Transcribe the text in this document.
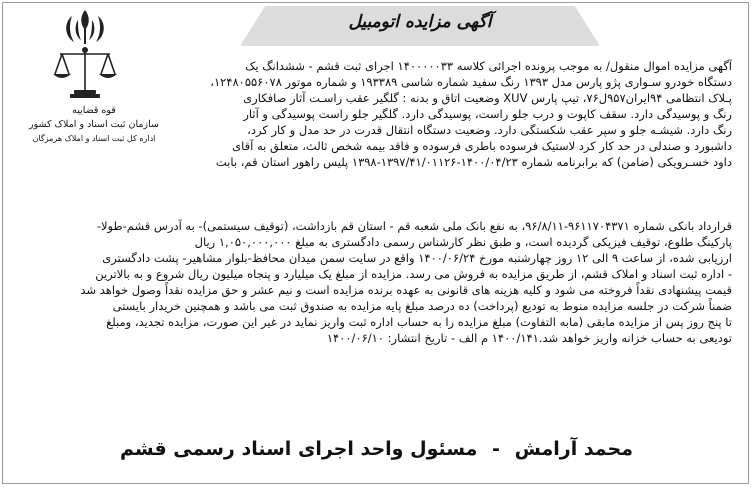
آگهی مزایده اتومبیل
قوه قضاییه
سازمان ثبت اسناد و املاک کشور
اداره کل ثبت اسناد و املاک هرمزگان
آگهی مزایده اموال منقول/ به موجب پرونده اجرائی کلاسه ۱۴۰۰۰۰۰۳۳ اجرای ثبت قشم - ششدانگ یک
دستگاه خودرو سـواری پژو پارس مدل ۱۳۹۳ رنگ سفید شماره شاسی ۱۹۳۳۸۹ و شماره موتور ۱۲۴۸۰۵۵۶۰۷۸،
پـلاک انتظامی ۹۴ایران۹۵۷ل۷۶، تیپ پارس XUV وضعیت اتاق و بدنه : گلگیر عقب راسـت آثار صافکاری
رنگ و پوسیدگی دارد. سقف کاپوت و درب جلو راست، پوسیدگی دارد. گلگیر جلو راست پوسیدگی و آثار
رنگ دارد. شیشـه جلو و سپر عقب شکستگی دارد. وضعیت دستگاه انتقال قدرت در حد مدل و کار کرد،
داشبورد و صندلی در حد کار کرد لاستیک فرسوده باطری فرسوده و فاقد بیمه شخص ثالث، متعلق به آقای
داود خسـرویکی (ضامن) که برابرنامه شماره ۱۴۰۰/۰۴/۲۳-۱۳۹۷/۴۱/۰۱۱۲۶-۱۳۹۸ پلیس راهور استان قم، بابت
قرارداد بانکی شماره ۹۶۱۱۷۰۴۳۷۱-۹۶/۸/۱۱، به نفع بانک ملی شعبه قم - استان قم بازداشت، (توقیف سیستمی)- به آدرس قشم-طولا-
پارکینگ طلوع، توقیف فیزیکی گردیده است، و طبق نظر کارشناس رسمی دادگستری به مبلغ ۱,۰۵۰,۰۰۰,۰۰۰ ریال
ارزیابی شده، از ساعت ۹ الی ۱۲ روز چهارشنبه مورخ ۱۴۰۰/۰۶/۲۴ واقع در سایت سمن میدان محافظ-بلوار مشاهیر- پشت دادگستری
- اداره ثبت اسناد و املاک قشم، از طریق مزایده به فروش می رسد. مزایده از مبلغ یک میلیارد و پنجاه میلیون ریال شروع و به بالاترین
قیمت پیشنهادی نقداً فروخته می شود و کلیه هزینه های قانونی به عهده برنده مزایده است و نیم عشر و حق مزایده نقداً وصول خواهد شد
ضمناً شرکت در جلسه مزایده منوط به تودیع (پرداخت) ده درصد مبلغ پایه مزایده به صندوق ثبت می باشد و همچنین خریدار بایستی
تا پنج روز پس از مزایده مابقی (مابه التفاوت) مبلغ مزایده را به حساب اداره ثبت واریز نماید در غیر این صورت، مزایده تجدید، ومبلغ
تودیعی به حساب خزانه واریز خواهد شد.۱۴۰۰/۱۴۱ م الف - تاریخ انتشار: ۱۴۰۰/۰۶/۱۰
محمد آرامش - مسئول واحد اجرای اسناد رسمی قشم
